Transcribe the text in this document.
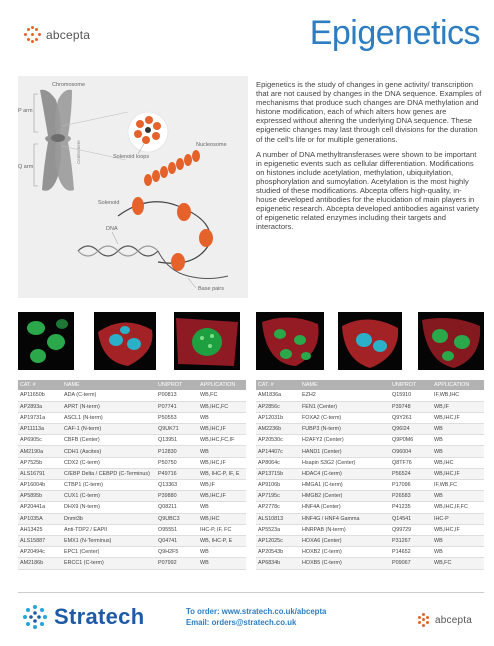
abcepta	Epigenetics
Chromosome
P arm
Q arm
Centromere	Solenoid loops
Nucleosome
Solenoid
DNA
Base pairs

Epigenetics is the study of changes in gene activity/ transcription that are not caused by changes in the DNA sequence. Examples of mechanisms that produce such changes are DNA methylation and histone modification, each of which alters how genes are expressed without altering the underlying DNA sequence. These epigenetic changes may last through cell divisions for the duration of the cell's life or for multiple generations.

A number of DNA methyltransferases were shown to be important in epigenetic events such as cellular differentiation. Modifications on histones include acetylation, methylation, ubiquitylation, phosphorylation and sumoylation. Acetylation is the most highly studied of these modifications. Abcepta offers high-quality, in-house developed antibodies for the elucidation of main players in epigenetic research. Abcepta developed antibodies against variety of epigenetic related enzymes including their targets and interactors.

CAT. #	NAME	UNIPROT	APPLICATION
AP11650b	ADA (C-term)	P00813	WB,FC
AP2893a	APRT (N-term)	P07741	WB,IHC,FC
AP19731a	ASCL1 (N-term)	P50553	WB
AP11113a	CAF-1 (N-term)	Q9UK71	WB,IHC,IF
AP6905c	CBFB (Center)	Q13951	WB,IHC,FC,IF
AM2190a	CDH1 (Ascites)	P12830	WB
AP7525b	CDX2 (C-term)	P50750	WB,IHC,IF
ALS16791	C/EBP Delta / CEBPD (C-Terminus)	P49716	WB, IHC-P, IF, E
AP16004b	CTBP1 (C-term)	Q13363	WB,IF
AP5895b	CUX1 (C-term)	P39880	WB,IHC,IF
AP20441a	DHX9 (N-term)	Q08211	WB
AP1035A	Dnmt3b	Q9UBC3	WB,IHC
AH13425	Anti-TDP2 / EAPII	O95551	IHC-P, IF, FC
ALS15887	EMX1 (N-Terminus)	Q04741	WB, IHC-P, E
AP20494c	EPC1 (Center)	Q9H2F5	WB
AM2186b	ERCC1 (C-term)	P07992	WB
CAT. #	NAME	UNIPROT	APPLICATION
AM1836a	EZH2	Q15910	IF,WB,IHC
AP2856c	FEN1 (Center)	P39748	WB,IF
AP12031b	FOXA2 (C-term)	Q9Y261	WB,IHC,IF
AM2236b	FUBP3 (N-term)	Q96I24	WB
AP20530c	H2AFY2 (Center)	Q9P0M6	WB
AP14407c	HAND1 (Center)	O96004	WB
AP8064c	Hsapin S3G2 (Center)	Q8TF76	WB,IHC
AP13715b	HDAC4 (C-term)	P56524	WB,IHC,IF
AP9106b	HMGA1 (C-term)	P17096	IF,WB,FC
AP7195c	HMGB2 (Center)	P26583	WB
AP2778c	HNF4A (Center)	P41235	WB,IHC,IF,FC
ALS10813	HNF4G / HNF4 Gamma	Q14541	IHC-P
AP5523a	HNRPAB (N-term)	Q99729	WB,IHC,IF
AP12025c	HOXA6 (Center)	P31267	WB
AP20543b	HOXB2 (C-term)	P14652	WB
AP6834b	HOXB5 (C-term)	P09067	WB,FC
Stratech	To order: www.stratech.co.uk/abcepta
Email: orders@stratech.co.uk	abcepta
